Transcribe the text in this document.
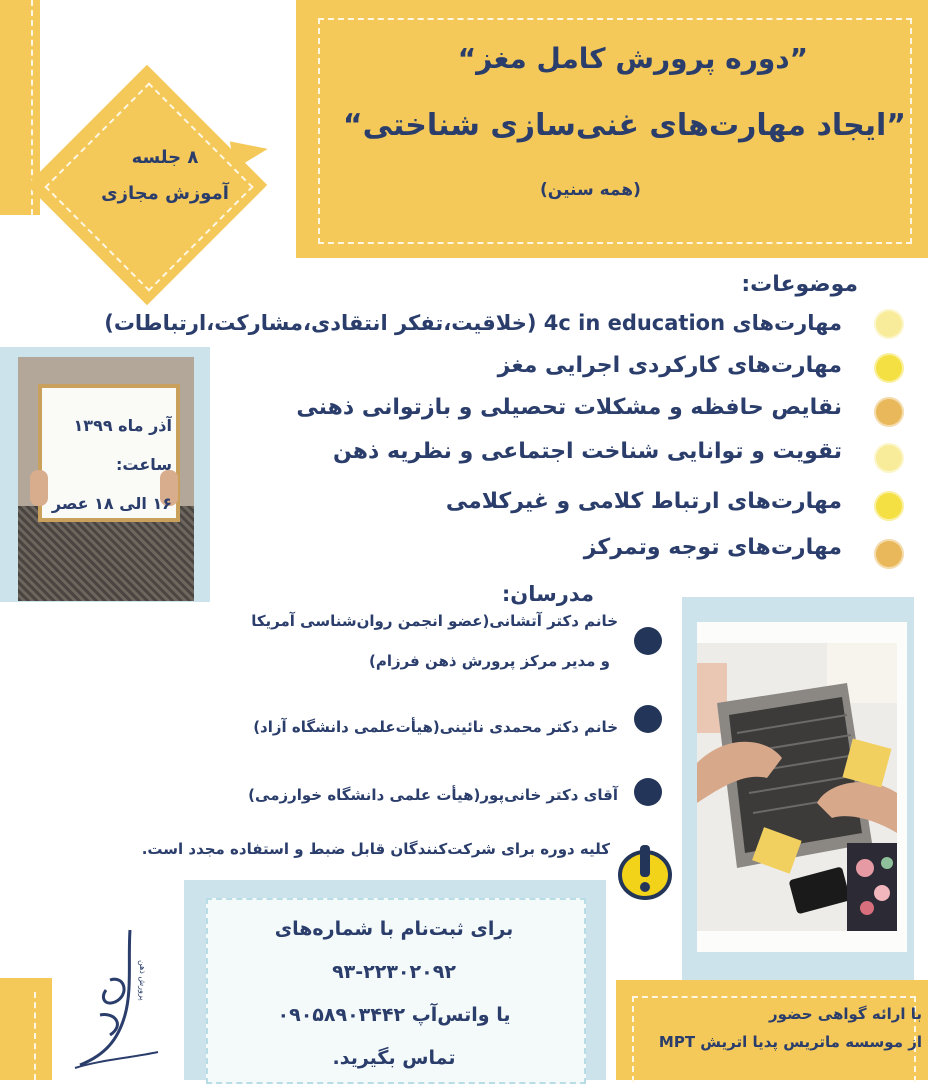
”دوره پرورش کامل مغز“
”ایجاد مهارت‌های غنی‌سازی شناختی“
(همه سنین)
۸ جلسه
آموزش مجازی
موضوعات:
مهارت‌های 4c in education (خلاقیت،تفکر انتقادی،مشارکت،ارتباطات)
مهارت‌های کارکردی اجرایی مغز
نقایص حافظه و مشکلات تحصیلی و بازتوانی ذهنی
تقویت و توانایی شناخت اجتماعی و نظریه ذهن
مهارت‌های ارتباط کلامی و غیرکلامی
مهارت‌های توجه وتمرکز
آذر ماه ۱۳۹۹
ساعت:
۱۶ الی ۱۸ عصر
مدرسان:
خانم دکتر آتشانی(عضو انجمن روان‌شناسی آمریکا
و مدیر مرکز پرورش ذهن فرزام)
خانم دکتر محمدی نائینی(هیأت‌علمی دانشگاه آزاد)
آقای دکتر خانی‌پور(هیأت علمی دانشگاه خوارزمی)
کلیه دوره برای شرکت‌کنندگان قابل ضبط و استفاده مجدد است.
برای ثبت‌نام با شماره‌های
۹۳-۲۲۳۰۲۰۹۲
یا واتس‌آپ ۰۹۰۵۸۹۰۳۴۴۲
تماس بگیرید.
پرورش ذهن
با ارائه گواهی حضور
از موسسه ماتریس پدیا اتریش MPT
